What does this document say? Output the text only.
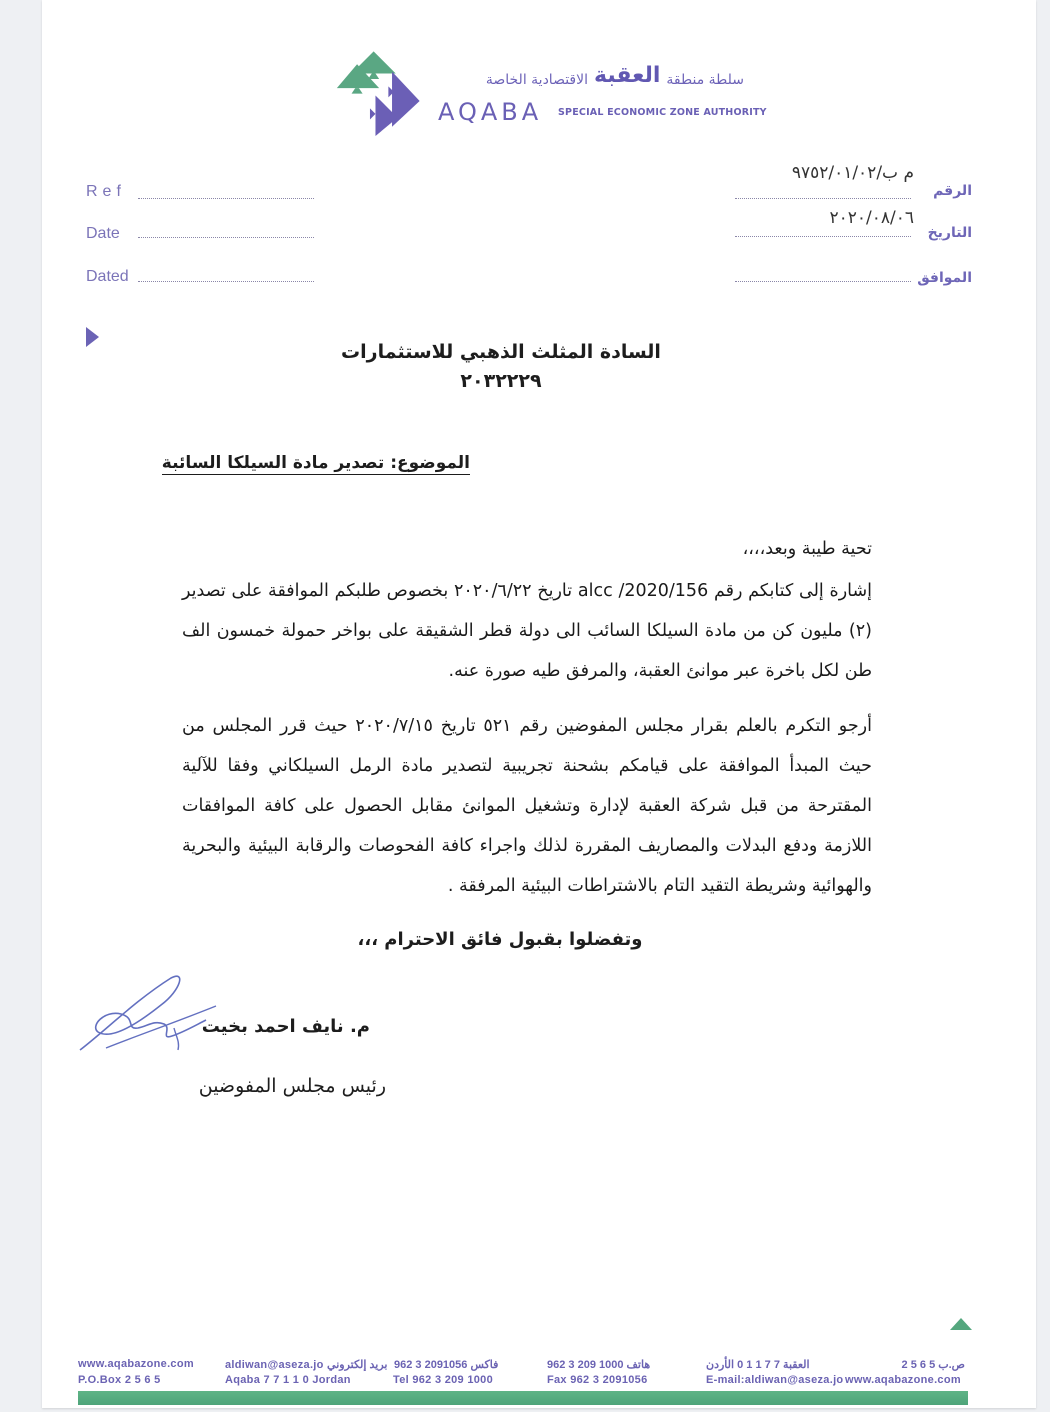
سلطة منطقة
العقبة
الاقتصادية الخاصة
AQABA SPECIAL ECONOMIC ZONE AUTHORITY
Ref
Date
Dated
م ب/٩٧٥٢/٠١/٠٢
الرقم
٢٠٢٠/٠٨/٠٦
التاريخ
الموافق
السادة المثلث الذهبي للاستثمارات
٢٠٣٢٢٢٩
الموضوع: تصدير مادة السيلكا السائبة
تحية طيبة وبعد،،،،
إشارة إلى كتابكم رقم 156/alcc /2020 تاريخ ٢٠٢٠/٦/٢٢ بخصوص طلبكم الموافقة على تصدير (٢) مليون كن من مادة السيلكا السائب الى دولة قطر الشقيقة على بواخر حمولة خمسون الف طن لكل باخرة عبر موانئ العقبة، والمرفق طيه صورة عنه.
أرجو التكرم بالعلم بقرار مجلس المفوضين رقم ٥٢١ تاريخ ٢٠٢٠/٧/١٥ حيث قرر المجلس من حيث المبدأ الموافقة على قيامكم بشحنة تجريبية لتصدير مادة الرمل السيلكاني وفقا للآلية المقترحة من قبل شركة العقبة لإدارة وتشغيل الموانئ مقابل الحصول على كافة الموافقات اللازمة ودفع البدلات والمصاريف المقررة لذلك واجراء كافة الفحوصات والرقابة البيئية والبحرية والهوائية وشريطة التقيد التام بالاشتراطات البيئية المرفقة .
وتفضلوا بقبول فائق الاحترام ،،،
م. نايف احمد بخيت
رئيس مجلس المفوضين
www.aqabazone.com
P.O.Box 2 5 6 5
aldiwan@aseza.jo بريد إلكتروني
Aqaba 7 7 1 1 0 Jordan
962 3 2091056 فاكس
Tel 962 3 209 1000
962 3 209 1000 هاتف
Fax 962 3 2091056
العقبة 7 7 1 1 0 الأردن
E-mail:aldiwan@aseza.jo
ص.ب 5 6 5 2
www.aqabazone.com
